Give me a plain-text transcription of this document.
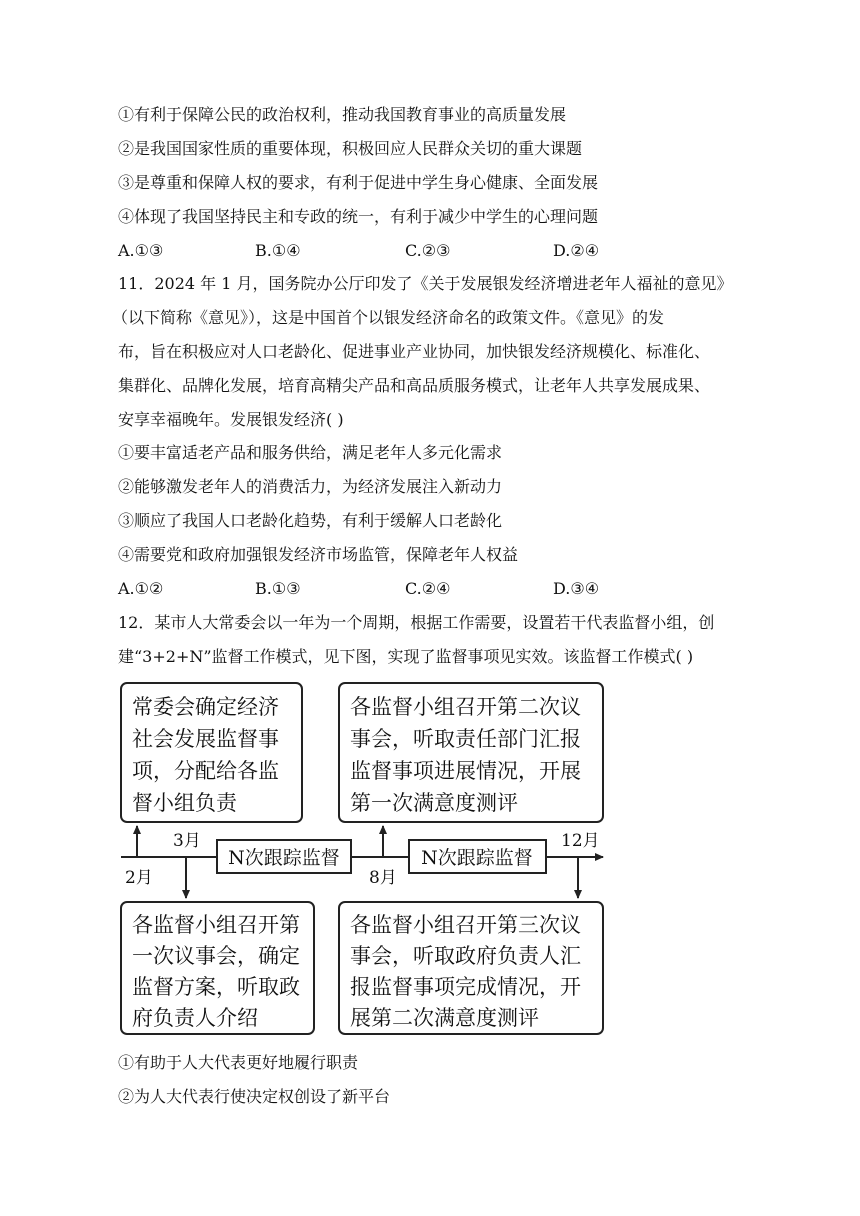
①有利于保障公民的政治权利，推动我国教育事业的高质量发展
②是我国国家性质的重要体现，积极回应人民群众关切的重大课题
③是尊重和保障人权的要求，有利于促进中学生身心健康、全面发展
④体现了我国坚持民主和专政的统一，有利于减少中学生的心理问题
A.①③	B.①④	C.②③	D.②④
11．2024 年 1 月，国务院办公厅印发了《关于发展银发经济增进老年人福祉的意见》
（以下简称《意见》），这是中国首个以银发经济命名的政策文件。《意见》的发
布，旨在积极应对人口老龄化、促进事业产业协同，加快银发经济规模化、标准化、
集群化、品牌化发展，培育高精尖产品和高品质服务模式，让老年人共享发展成果、
安享幸福晚年。发展银发经济( )
①要丰富适老产品和服务供给，满足老年人多元化需求
②能够激发老年人的消费活力，为经济发展注入新动力
③顺应了我国人口老龄化趋势，有利于缓解人口老龄化
④需要党和政府加强银发经济市场监管，保障老年人权益
A.①②	B.①③	C.②④	D.③④
12．某市人大常委会以一年为一个周期，根据工作需要，设置若干代表监督小组，创
建“3+2+N”监督工作模式，见下图，实现了监督事项见实效。该监督工作模式( )
N次跟踪监督	N次跟踪监督
2月
3月
8月
12月
常委会确定经济
社会发展监督事
项，分配给各监
督小组负责
各监督小组召开第二次议
事会，听取责任部门汇报
监督事项进展情况，开展
第一次满意度测评
各监督小组召开第
一次议事会，确定
监督方案，听取政
府负责人介绍
各监督小组召开第三次议
事会，听取政府负责人汇
报监督事项完成情况，开
展第二次满意度测评
①有助于人大代表更好地履行职责
②为人大代表行使决定权创设了新平台
